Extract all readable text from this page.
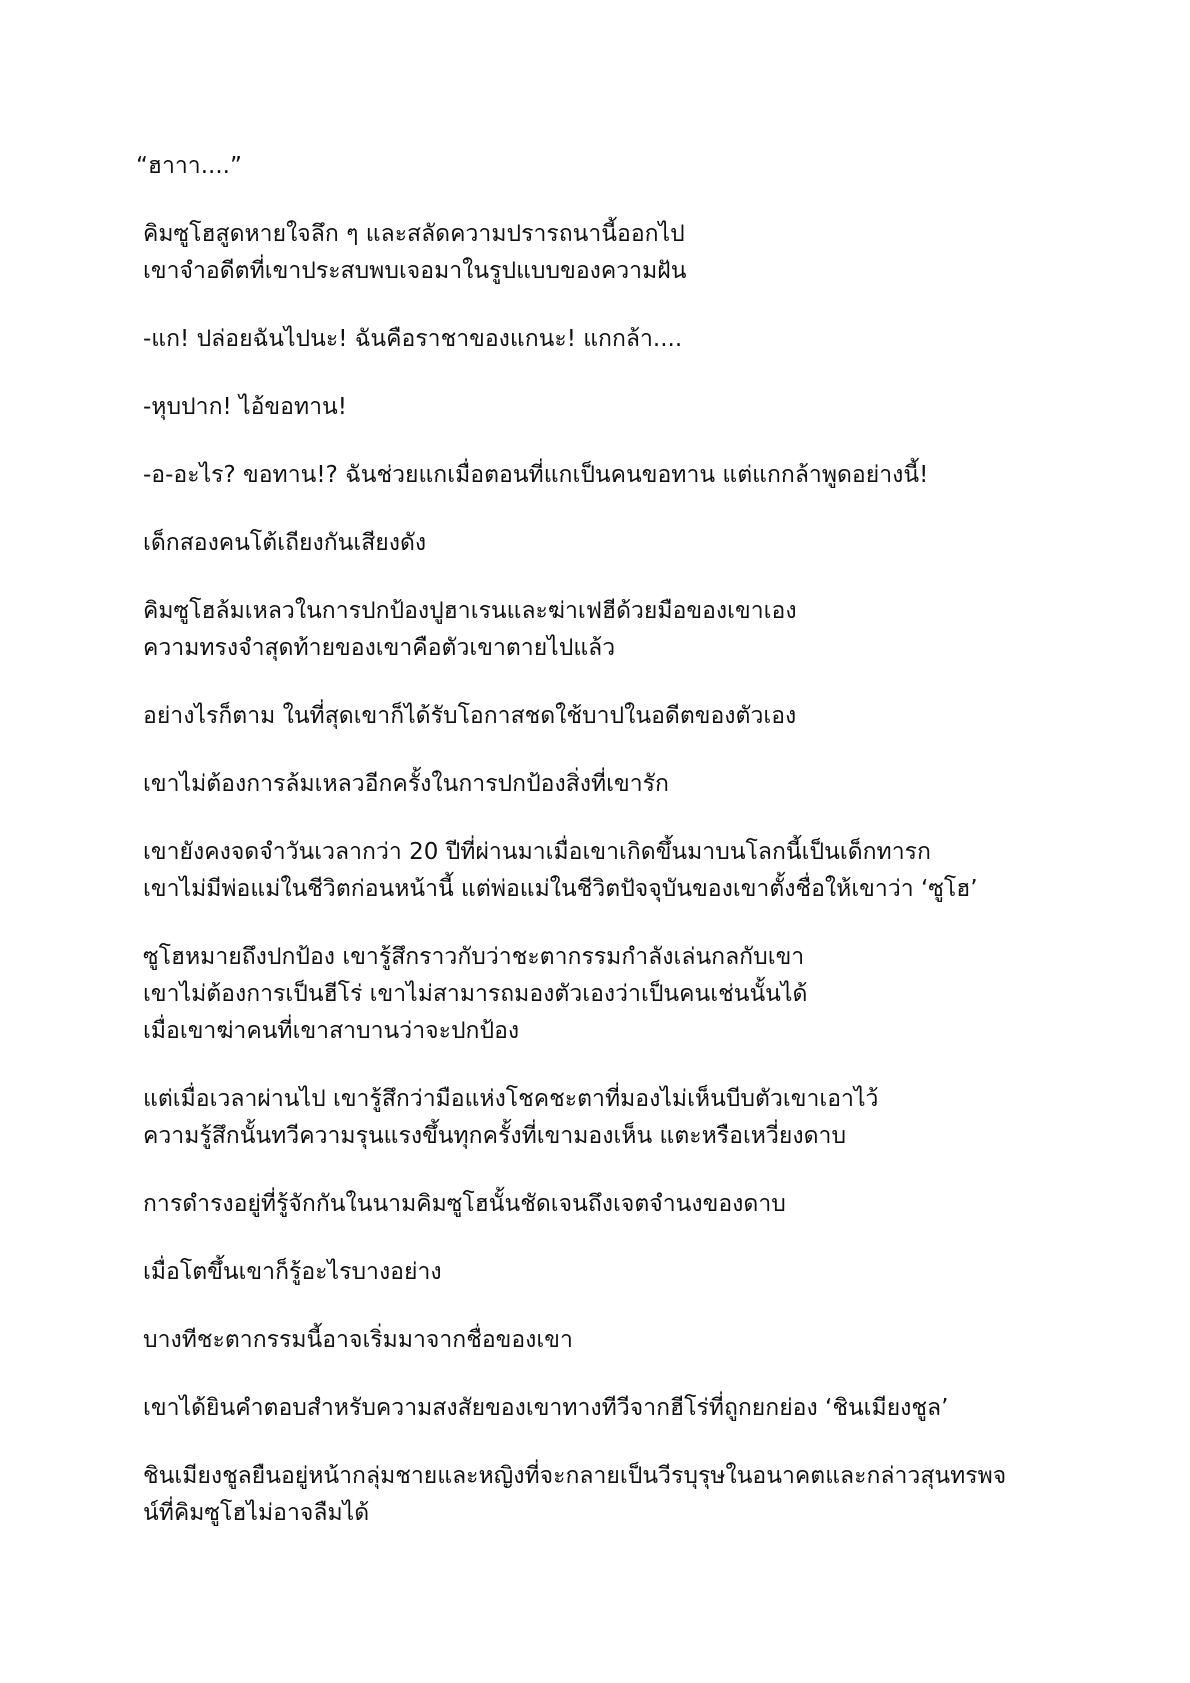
“ฮาาา....”

คิมซูโฮสูดหายใจลึก ๆ และสลัดความปรารถนานี้ออกไป
เขาจำอดีตที่เขาประสบพบเจอมาในรูปแบบของความฝัน

-แก! ปล่อยฉันไปนะ! ฉันคือราชาของแกนะ! แกกล้า....

-หุบปาก! ไอ้ขอทาน!

-อ-อะไร? ขอทาน!? ฉันช่วยแกเมื่อตอนที่แกเป็นคนขอทาน แต่แกกล้าพูดอย่างนี้!

เด็กสองคนโต้เถียงกันเสียงดัง

คิมซูโฮล้มเหลวในการปกป้องปูฮาเรนและฆ่าเฟฮีด้วยมือของเขาเอง
ความทรงจำสุดท้ายของเขาคือตัวเขาตายไปแล้ว

อย่างไรก็ตาม ในที่สุดเขาก็ได้รับโอกาสชดใช้บาปในอดีตของตัวเอง

เขาไม่ต้องการล้มเหลวอีกครั้งในการปกป้องสิ่งที่เขารัก

เขายังคงจดจำวันเวลากว่า 20 ปีที่ผ่านมาเมื่อเขาเกิดขึ้นมาบนโลกนี้เป็นเด็กทารก
เขาไม่มีพ่อแม่ในชีวิตก่อนหน้านี้ แต่พ่อแม่ในชีวิตปัจจุบันของเขาตั้งชื่อให้เขาว่า ‘ซูโฮ’

ซูโฮหมายถึงปกป้อง เขารู้สึกราวกับว่าชะตากรรมกำลังเล่นกลกับเขา
เขาไม่ต้องการเป็นฮีโร่ เขาไม่สามารถมองตัวเองว่าเป็นคนเช่นนั้นได้
เมื่อเขาฆ่าคนที่เขาสาบานว่าจะปกป้อง

แต่เมื่อเวลาผ่านไป เขารู้สึกว่ามือแห่งโชคชะตาที่มองไม่เห็นบีบตัวเขาเอาไว้
ความรู้สึกนั้นทวีความรุนแรงขึ้นทุกครั้งที่เขามองเห็น แตะหรือเหวี่ยงดาบ

การดำรงอยู่ที่รู้จักกันในนามคิมซูโฮนั้นชัดเจนถึงเจตจำนงของดาบ

เมื่อโตขึ้นเขาก็รู้อะไรบางอย่าง

บางทีชะตากรรมนี้อาจเริ่มมาจากชื่อของเขา

เขาได้ยินคำตอบสำหรับความสงสัยของเขาทางทีวีจากฮีโร่ที่ถูกยกย่อง ‘ชินเมียงชูล’

ชินเมียงชูลยืนอยู่หน้ากลุ่มชายและหญิงที่จะกลายเป็นวีรบุรุษในอนาคตและกล่าวสุนทรพจ
น์ที่คิมซูโฮไม่อาจลืมได้
